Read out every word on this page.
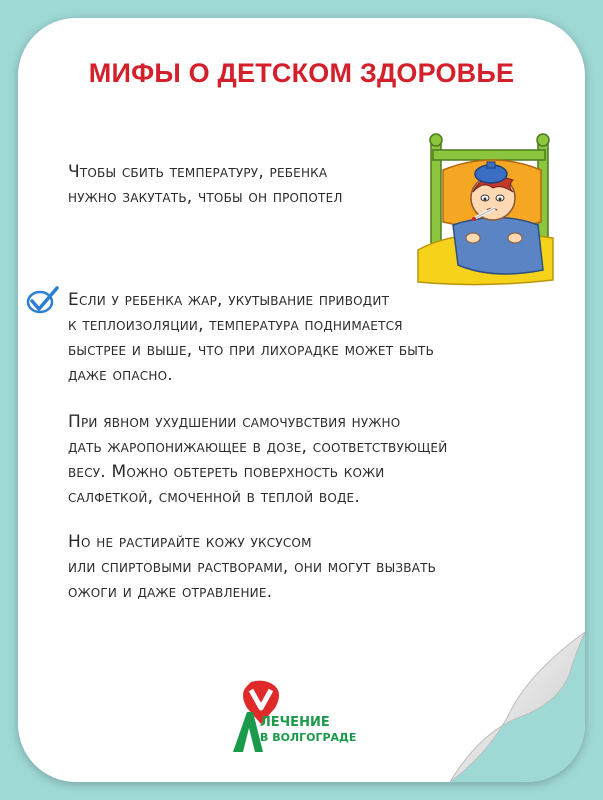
МИФЫ О ДЕТСКОМ ЗДОРОВЬЕ
Чтобы сбить температуру, ребенка
нужно закутать, чтобы он пропотел
Если у ребенка жар, укутывание приводит
к теплоизоляции, температура поднимается
быстрее и выше, что при лихорадке может быть
даже опасно.
При явном ухудшении самочувствия нужно
дать жаропонижающее в дозе, соответствующей
весу. Можно обтереть поверхность кожи
салфеткой, смоченной в теплой воде.
Но не растирайте кожу уксусом
или спиртовыми растворами, они могут вызвать
ожоги и даже отравление.
ЛЕЧЕНИЕ
В ВОЛГОГРАДЕ
